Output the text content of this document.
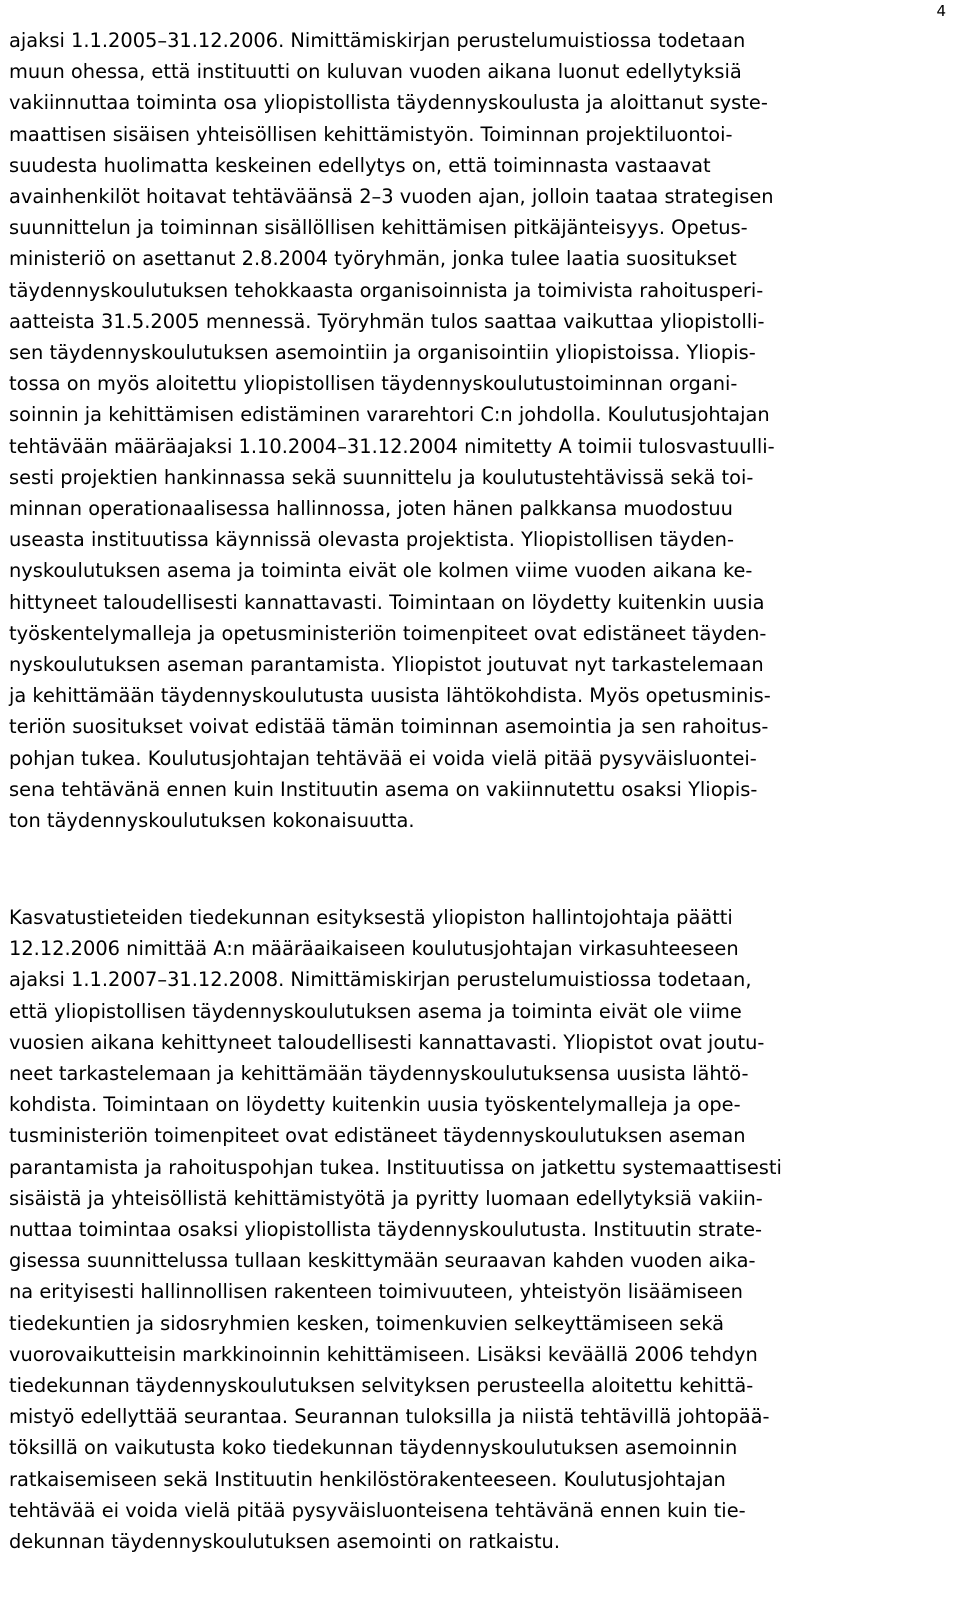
4
ajaksi 1.1.2005–31.12.2006. Nimittämiskirjan perustelumuistiossa todetaan
muun ohessa, että instituutti on kuluvan vuoden aikana luonut edellytyksiä
vakiinnuttaa toiminta osa yliopistollista täydennyskoulusta ja aloittanut syste-
maattisen sisäisen yhteisöllisen kehittämistyön. Toiminnan projektiluontoi-
suudesta huolimatta keskeinen edellytys on, että toiminnasta vastaavat
avainhenkilöt hoitavat tehtäväänsä 2–3 vuoden ajan, jolloin taataa strategisen
suunnittelun ja toiminnan sisällöllisen kehittämisen pitkäjänteisyys. Opetus-
ministeriö on asettanut 2.8.2004 työryhmän, jonka tulee laatia suositukset
täydennyskoulutuksen tehokkaasta organisoinnista ja toimivista rahoitusperi-
aatteista 31.5.2005 mennessä. Työryhmän tulos saattaa vaikuttaa yliopistolli-
sen täydennyskoulutuksen asemointiin ja organisointiin yliopistoissa. Yliopis-
tossa on myös aloitettu yliopistollisen täydennyskoulutustoiminnan organi-
soinnin ja kehittämisen edistäminen vararehtori C:n johdolla. Koulutusjohtajan
tehtävään määräajaksi 1.10.2004–31.12.2004 nimitetty A toimii tulosvastuulli-
sesti projektien hankinnassa sekä suunnittelu ja koulutustehtävissä sekä toi-
minnan operationaalisessa hallinnossa, joten hänen palkkansa muodostuu
useasta instituutissa käynnissä olevasta projektista. Yliopistollisen täyden-
nyskoulutuksen asema ja toiminta eivät ole kolmen viime vuoden aikana ke-
hittyneet taloudellisesti kannattavasti. Toimintaan on löydetty kuitenkin uusia
työskentelymalleja ja opetusministeriön toimenpiteet ovat edistäneet täyden-
nyskoulutuksen aseman parantamista. Yliopistot joutuvat nyt tarkastelemaan
ja kehittämään täydennyskoulutusta uusista lähtökohdista. Myös opetusminis-
teriön suositukset voivat edistää tämän toiminnan asemointia ja sen rahoitus-
pohjan tukea. Koulutusjohtajan tehtävää ei voida vielä pitää pysyväisluontei-
sena tehtävänä ennen kuin Instituutin asema on vakiinnutettu osaksi Yliopis-
ton täydennyskoulutuksen kokonaisuutta.
Kasvatustieteiden tiedekunnan esityksestä yliopiston hallintojohtaja päätti
12.12.2006 nimittää A:n määräaikaiseen koulutusjohtajan virkasuhteeseen
ajaksi 1.1.2007–31.12.2008. Nimittämiskirjan perustelumuistiossa todetaan,
että yliopistollisen täydennyskoulutuksen asema ja toiminta eivät ole viime
vuosien aikana kehittyneet taloudellisesti kannattavasti. Yliopistot ovat joutu-
neet tarkastelemaan ja kehittämään täydennyskoulutuksensa uusista lähtö-
kohdista. Toimintaan on löydetty kuitenkin uusia työskentelymalleja ja ope-
tusministeriön toimenpiteet ovat edistäneet täydennyskoulutuksen aseman
parantamista ja rahoituspohjan tukea. Instituutissa on jatkettu systemaattisesti
sisäistä ja yhteisöllistä kehittämistyötä ja pyritty luomaan edellytyksiä vakiin-
nuttaa toimintaa osaksi yliopistollista täydennyskoulutusta. Instituutin strate-
gisessa suunnittelussa tullaan keskittymään seuraavan kahden vuoden aika-
na erityisesti hallinnollisen rakenteen toimivuuteen, yhteistyön lisäämiseen
tiedekuntien ja sidosryhmien kesken, toimenkuvien selkeyttämiseen sekä
vuorovaikutteisin markkinoinnin kehittämiseen. Lisäksi keväällä 2006 tehdyn
tiedekunnan täydennyskoulutuksen selvityksen perusteella aloitettu kehittä-
mistyö edellyttää seurantaa. Seurannan tuloksilla ja niistä tehtävillä johtopää-
töksillä on vaikutusta koko tiedekunnan täydennyskoulutuksen asemoinnin
ratkaisemiseen sekä Instituutin henkilöstörakenteeseen. Koulutusjohtajan
tehtävää ei voida vielä pitää pysyväisluonteisena tehtävänä ennen kuin tie-
dekunnan täydennyskoulutuksen asemointi on ratkaistu.
